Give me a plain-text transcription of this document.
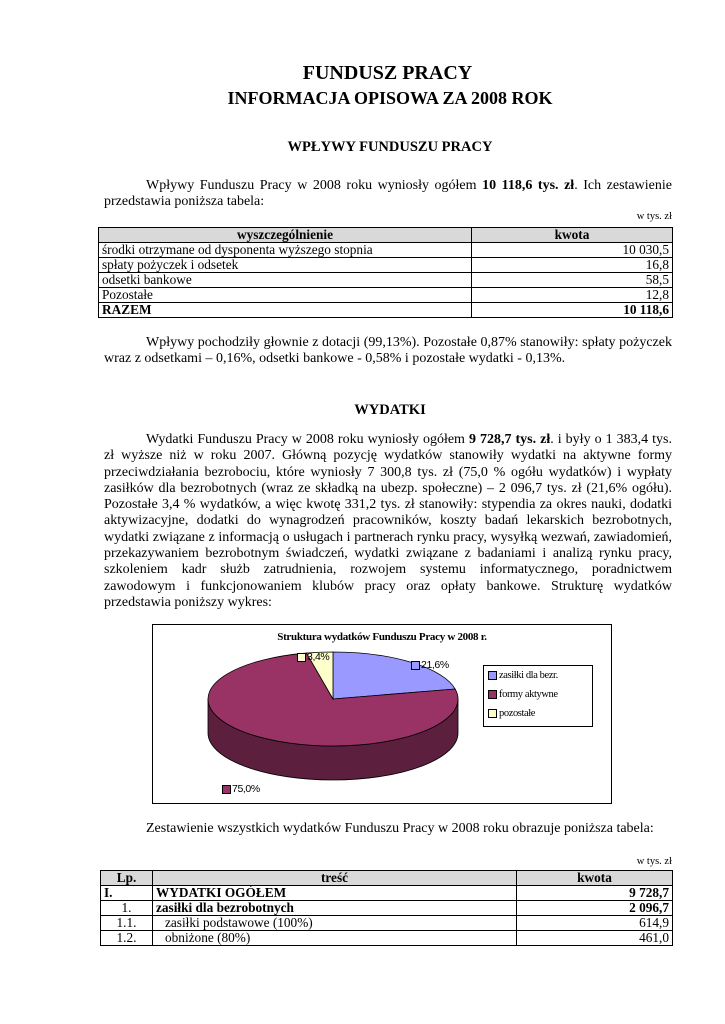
FUNDUSZ PRACY
INFORMACJA OPISOWA ZA 2008 ROK
WPŁYWY FUNDUSZU PRACY
Wpływy Funduszu Pracy w 2008 roku wyniosły ogółem 10 118,6 tys. zł. Ich zestawienie przedstawia poniższa tabela:
w tys. zł
wyszczególnienie	kwota
środki otrzymane od dysponenta wyższego stopnia	10 030,5
spłaty pożyczek i odsetek	16,8
odsetki bankowe	58,5
Pozostałe	12,8
RAZEM	10 118,6
Wpływy pochodziły głownie z dotacji (99,13%). Pozostałe 0,87% stanowiły: spłaty pożyczek wraz z odsetkami – 0,16%, odsetki bankowe - 0,58% i pozostałe wydatki - 0,13%.
WYDATKI
Wydatki Funduszu Pracy w 2008 roku wyniosły ogółem 9 728,7 tys. zł. i były o 1 383,4 tys. zł wyższe niż w roku 2007. Główną pozycję wydatków stanowiły wydatki na aktywne formy przeciwdziałania bezrobociu, które wyniosły 7 300,8 tys. zł (75,0 % ogółu wydatków) i wypłaty zasiłków dla bezrobotnych (wraz ze składką na ubezp. społeczne) – 2 096,7 tys. zł (21,6% ogółu). Pozostałe 3,4 % wydatków, a więc kwotę 331,2 tys. zł stanowiły: stypendia za okres nauki, dodatki aktywizacyjne, dodatki do wynagrodzeń pracowników, koszty badań lekarskich bezrobotnych, wydatki związane z informacją o usługach i partnerach rynku pracy, wysyłką wezwań, zawiadomień, przekazywaniem bezrobotnym świadczeń, wydatki związane z badaniami i analizą rynku pracy, szkoleniem kadr służb zatrudnienia, rozwojem systemu informatycznego, poradnictwem zawodowym i funkcjonowaniem klubów pracy oraz opłaty bankowe. Strukturę wydatków przedstawia poniższy wykres:
Struktura wydatków Funduszu Pracy w 2008 r.
3,4%
21,6%
75,0%
zasiłki dla bezr.
formy aktywne
pozostałe
Zestawienie wszystkich wydatków Funduszu Pracy w 2008 roku obrazuje poniższa tabela:
w tys. zł
Lp.	treść	kwota
I.	WYDATKI OGÓŁEM	9 728,7
1.	zasiłki dla bezrobotnych	2 096,7
1.1.	zasiłki podstawowe (100%)	614,9
1.2.	obniżone (80%)	461,0
